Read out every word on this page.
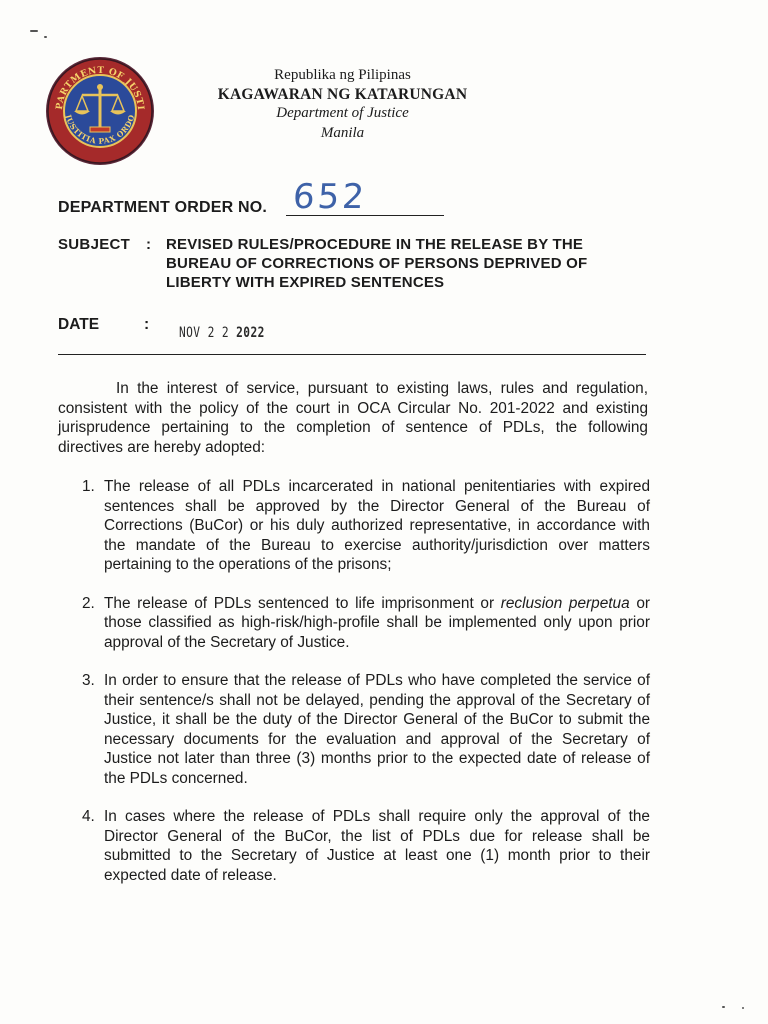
PARTMENT OF JUSTI
JUSTITIA PAX ORDO
Republika ng Pilipinas
KAGAWARAN NG KATARUNGAN
Department of Justice
Manila
DEPARTMENT ORDER NO. 652
SUBJECT : REVISED RULES/PROCEDURE IN THE RELEASE BY THE BUREAU OF CORRECTIONS OF PERSONS DEPRIVED OF LIBERTY WITH EXPIRED SENTENCES
DATE	: NOV 2 2 2022

In the interest of service, pursuant to existing laws, rules and regulation, consistent with the policy of the court in OCA Circular No. 201-2022 and existing jurisprudence pertaining to the completion of sentence of PDLs, the following directives are hereby adopted:

1. The release of all PDLs incarcerated in national penitentiaries with expired sentences shall be approved by the Director General of the Bureau of Corrections (BuCor) or his duly authorized representative, in accordance with the mandate of the Bureau to exercise authority/jurisdiction over matters pertaining to the operations of the prisons;
2. The release of PDLs sentenced to life imprisonment or reclusion perpetua or those classified as high-risk/high-profile shall be implemented only upon prior approval of the Secretary of Justice.
3. In order to ensure that the release of PDLs who have completed the service of their sentence/s shall not be delayed, pending the approval of the Secretary of Justice, it shall be the duty of the Director General of the BuCor to submit the necessary documents for the evaluation and approval of the Secretary of Justice not later than three (3) months prior to the expected date of release of the PDLs concerned.
4. In cases where the release of PDLs shall require only the approval of the Director General of the BuCor, the list of PDLs due for release shall be submitted to the Secretary of Justice at least one (1) month prior to their expected date of release.
